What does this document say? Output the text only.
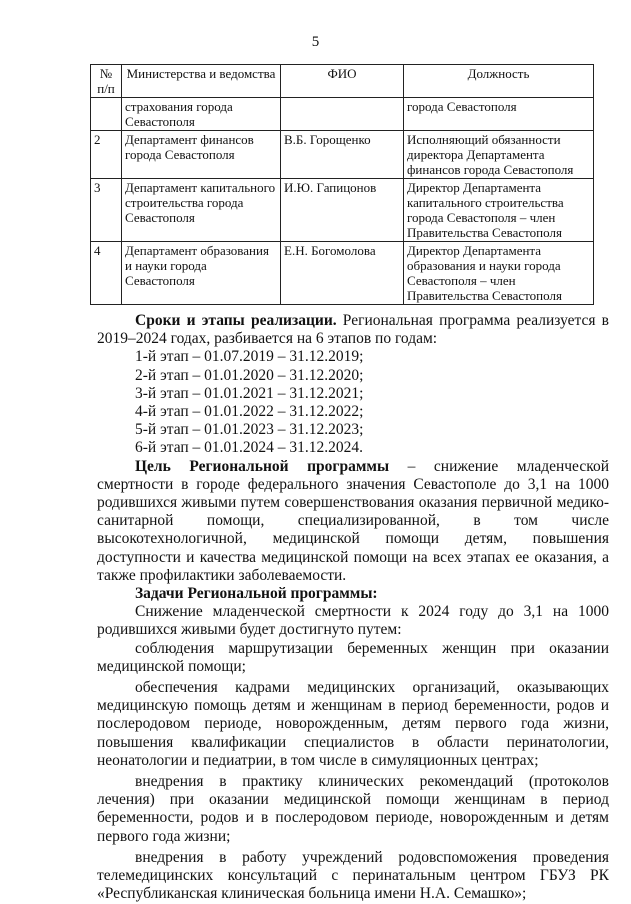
5
№ п/п	Министерства и ведомства	ФИО	Должность
	страхования города Севастополя		города Севастополя
2	Департамент финансов города Севастополя	В.Б. Горощенко	Исполняющий обязанности директора Департамента финансов города Севастополя
3	Департамент капитального строительства города Севастополя	И.Ю. Гапицонов	Директор Департамента капитального строительства города Севастополя – член Правительства Севастополя
4	Департамент образования и науки города Севастополя	Е.Н. Богомолова	Директор Департамента образования и науки города Севастополя – член Правительства Севастополя

Сроки и этапы реализации. Региональная программа реализуется в 2019–2024 годах, разбивается на 6 этапов по годам:

1-й этап – 01.07.2019 – 31.12.2019;

2-й этап – 01.01.2020 – 31.12.2020;

3-й этап – 01.01.2021 – 31.12.2021;

4-й этап – 01.01.2022 – 31.12.2022;

5-й этап – 01.01.2023 – 31.12.2023;

6-й этап – 01.01.2024 – 31.12.2024.

Цель Региональной программы – снижение младенческой смертности в городе федерального значения Севастополе до 3,1 на 1000 родившихся живыми путем совершенствования оказания первичной медико-санитарной помощи, специализированной, в том числе высокотехнологичной, медицинской помощи детям, повышения доступности и качества медицинской помощи на всех этапах ее оказания, а также профилактики заболеваемости.

Задачи Региональной программы:

Снижение младенческой смертности к 2024 году до 3,1 на 1000 родившихся живыми будет достигнуто путем:

соблюдения маршрутизации беременных женщин при оказании медицинской помощи;

обеспечения кадрами медицинских организаций, оказывающих медицинскую помощь детям и женщинам в период беременности, родов и послеродовом периоде, новорожденным, детям первого года жизни, повышения квалификации специалистов в области перинатологии, неонатологии и педиатрии, в том числе в симуляционных центрах;

внедрения в практику клинических рекомендаций (протоколов лечения) при оказании медицинской помощи женщинам в период беременности, родов и в послеродовом периоде, новорожденным и детям первого года жизни;

внедрения в работу учреждений родовспоможения проведения телемедицинских консультаций с перинатальным центром ГБУЗ РК «Республиканская клиническая больница имени Н.А. Семашко»;
